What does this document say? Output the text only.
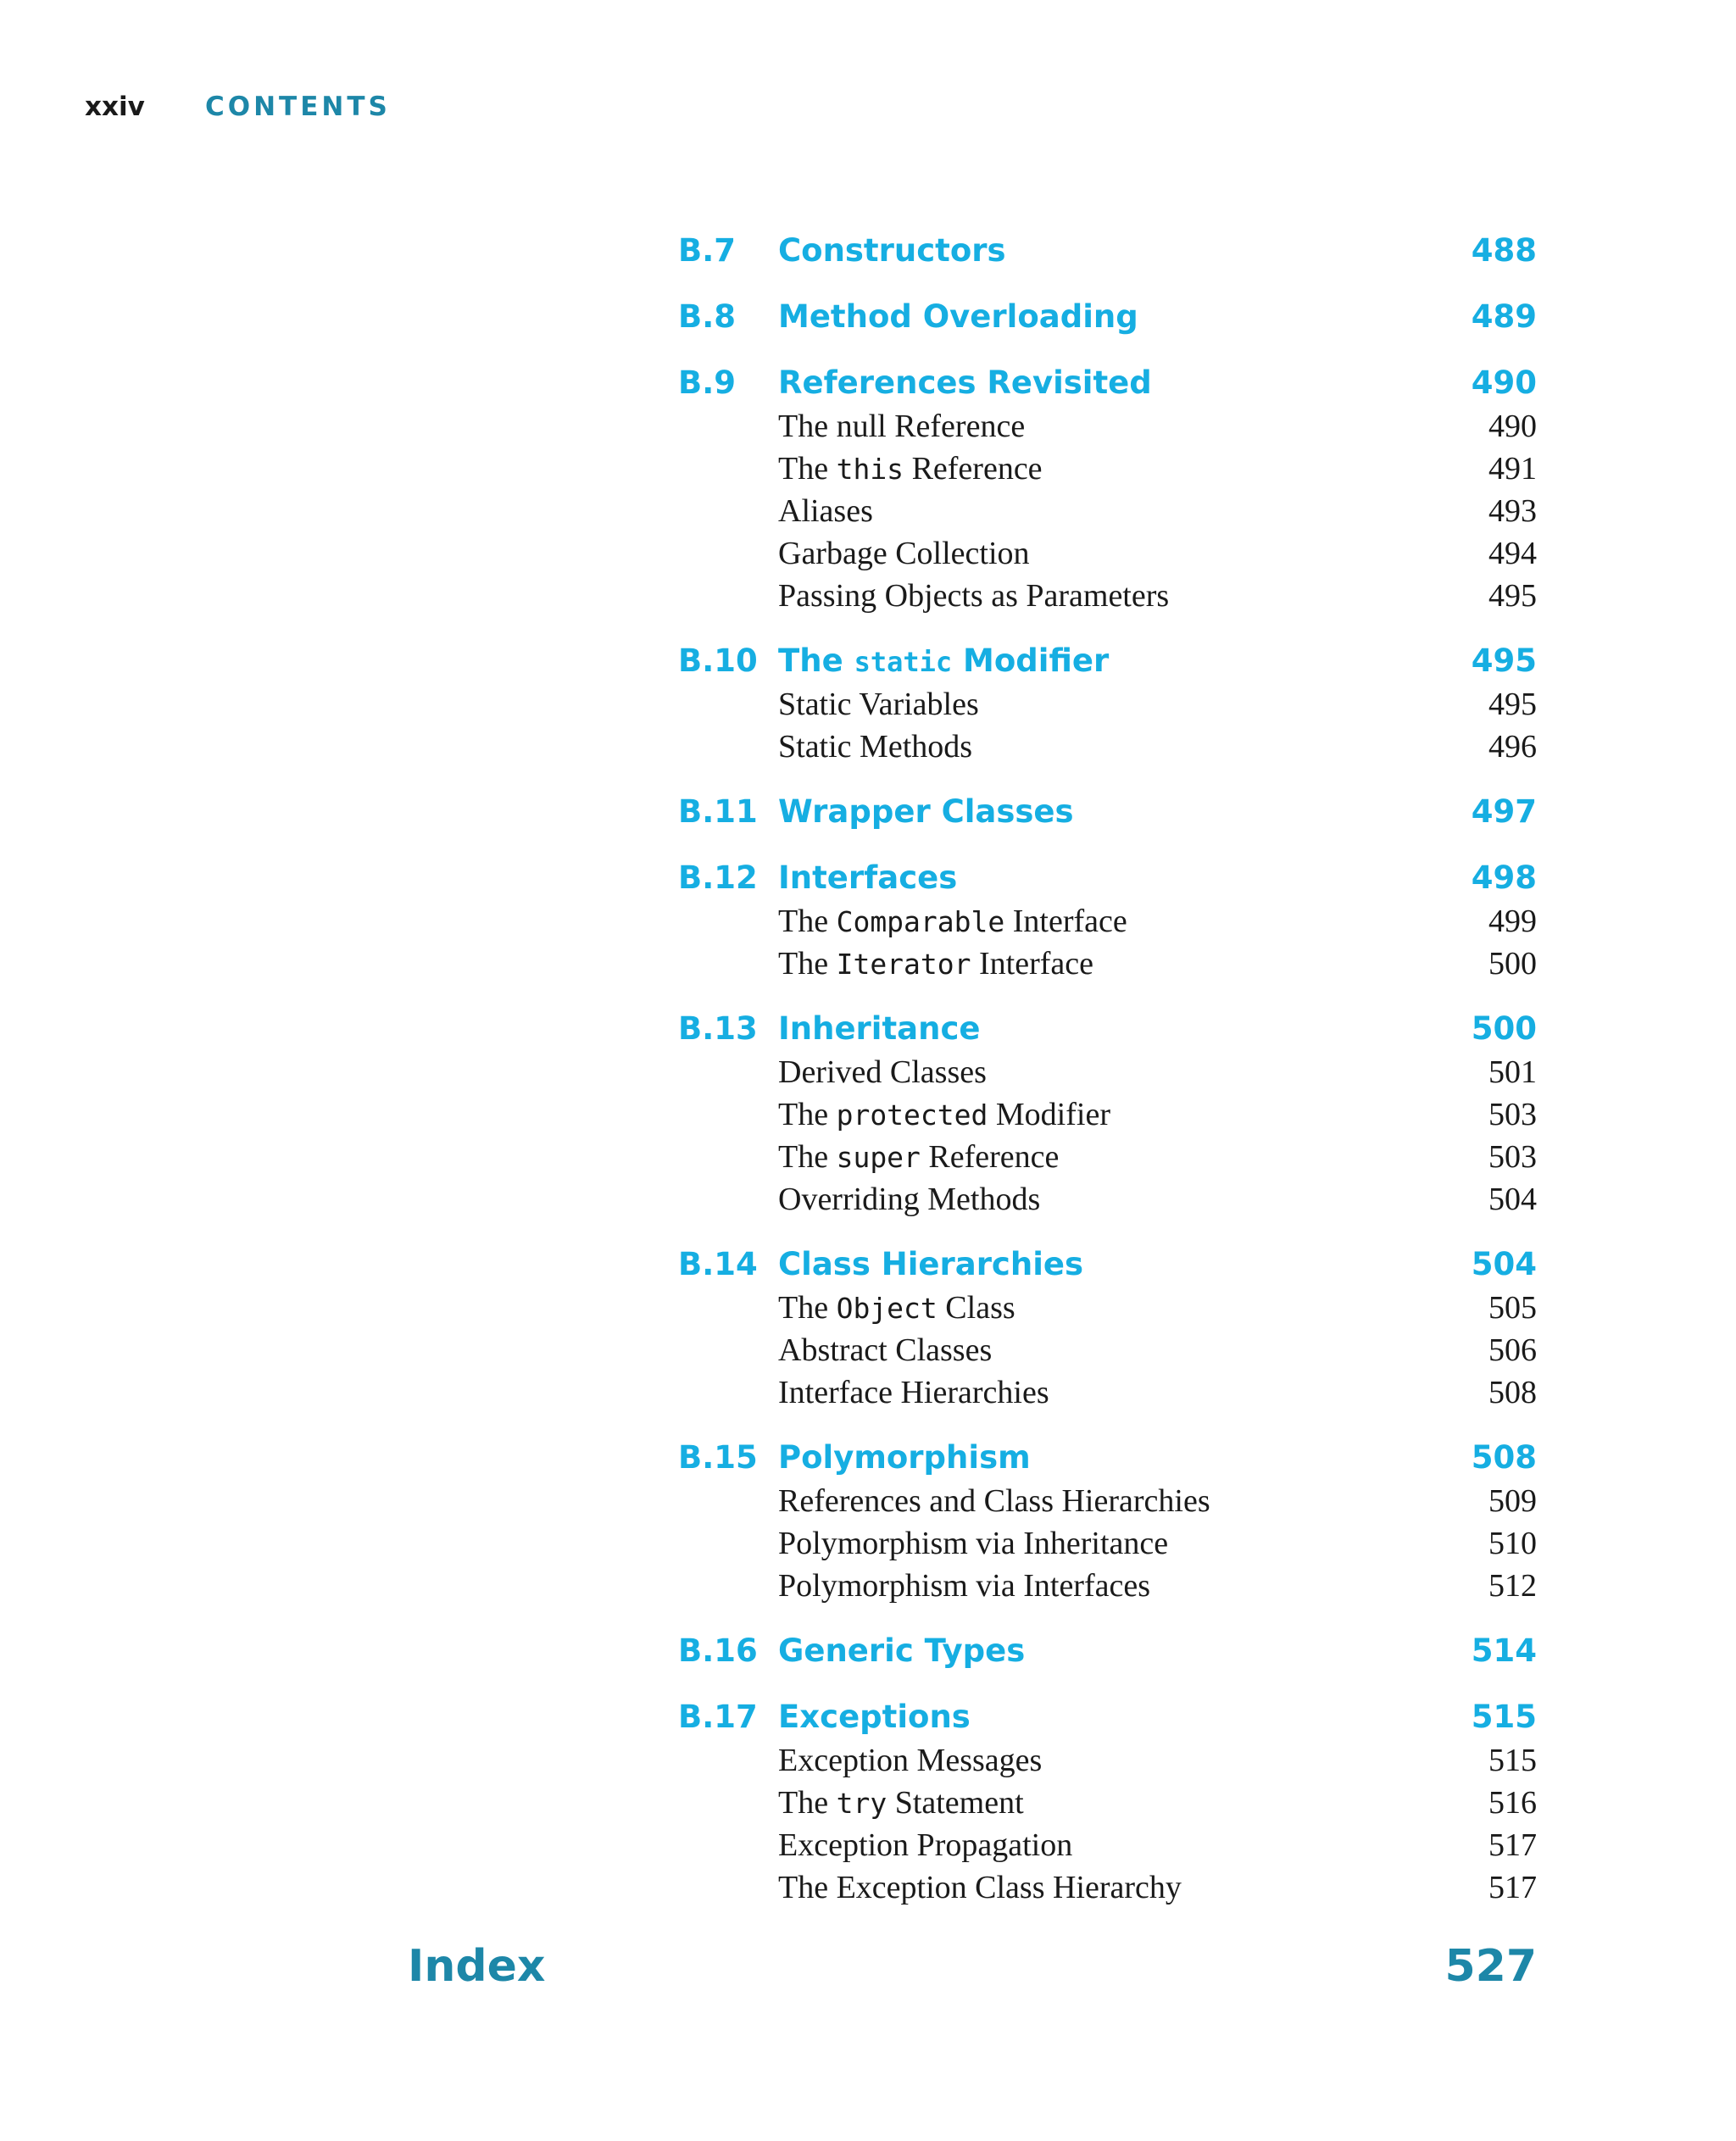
xxiv	CONTENTS
B.7	Constructors	488
B.8	Method Overloading	489
B.9	References Revisited	490
The null Reference	490
The this Reference	491
Aliases	493
Garbage Collection	494
Passing Objects as Parameters	495
B.10 The static Modifier	495
Static Variables	495
Static Methods	496
B.11 Wrapper Classes	497
B.12 Interfaces	498
The Comparable Interface	499
The Iterator Interface	500
B.13 Inheritance	500
Derived Classes	501
The protected Modifier	503
The super Reference	503
Overriding Methods	504
B.14 Class Hierarchies	504
The Object Class	505
Abstract Classes	506
Interface Hierarchies	508
B.15 Polymorphism	508
References and Class Hierarchies	509
Polymorphism via Inheritance	510
Polymorphism via Interfaces	512
B.16 Generic Types	514
B.17 Exceptions	515
Exception Messages	515
The try Statement	516
Exception Propagation	517
The Exception Class Hierarchy	517
Index	527
